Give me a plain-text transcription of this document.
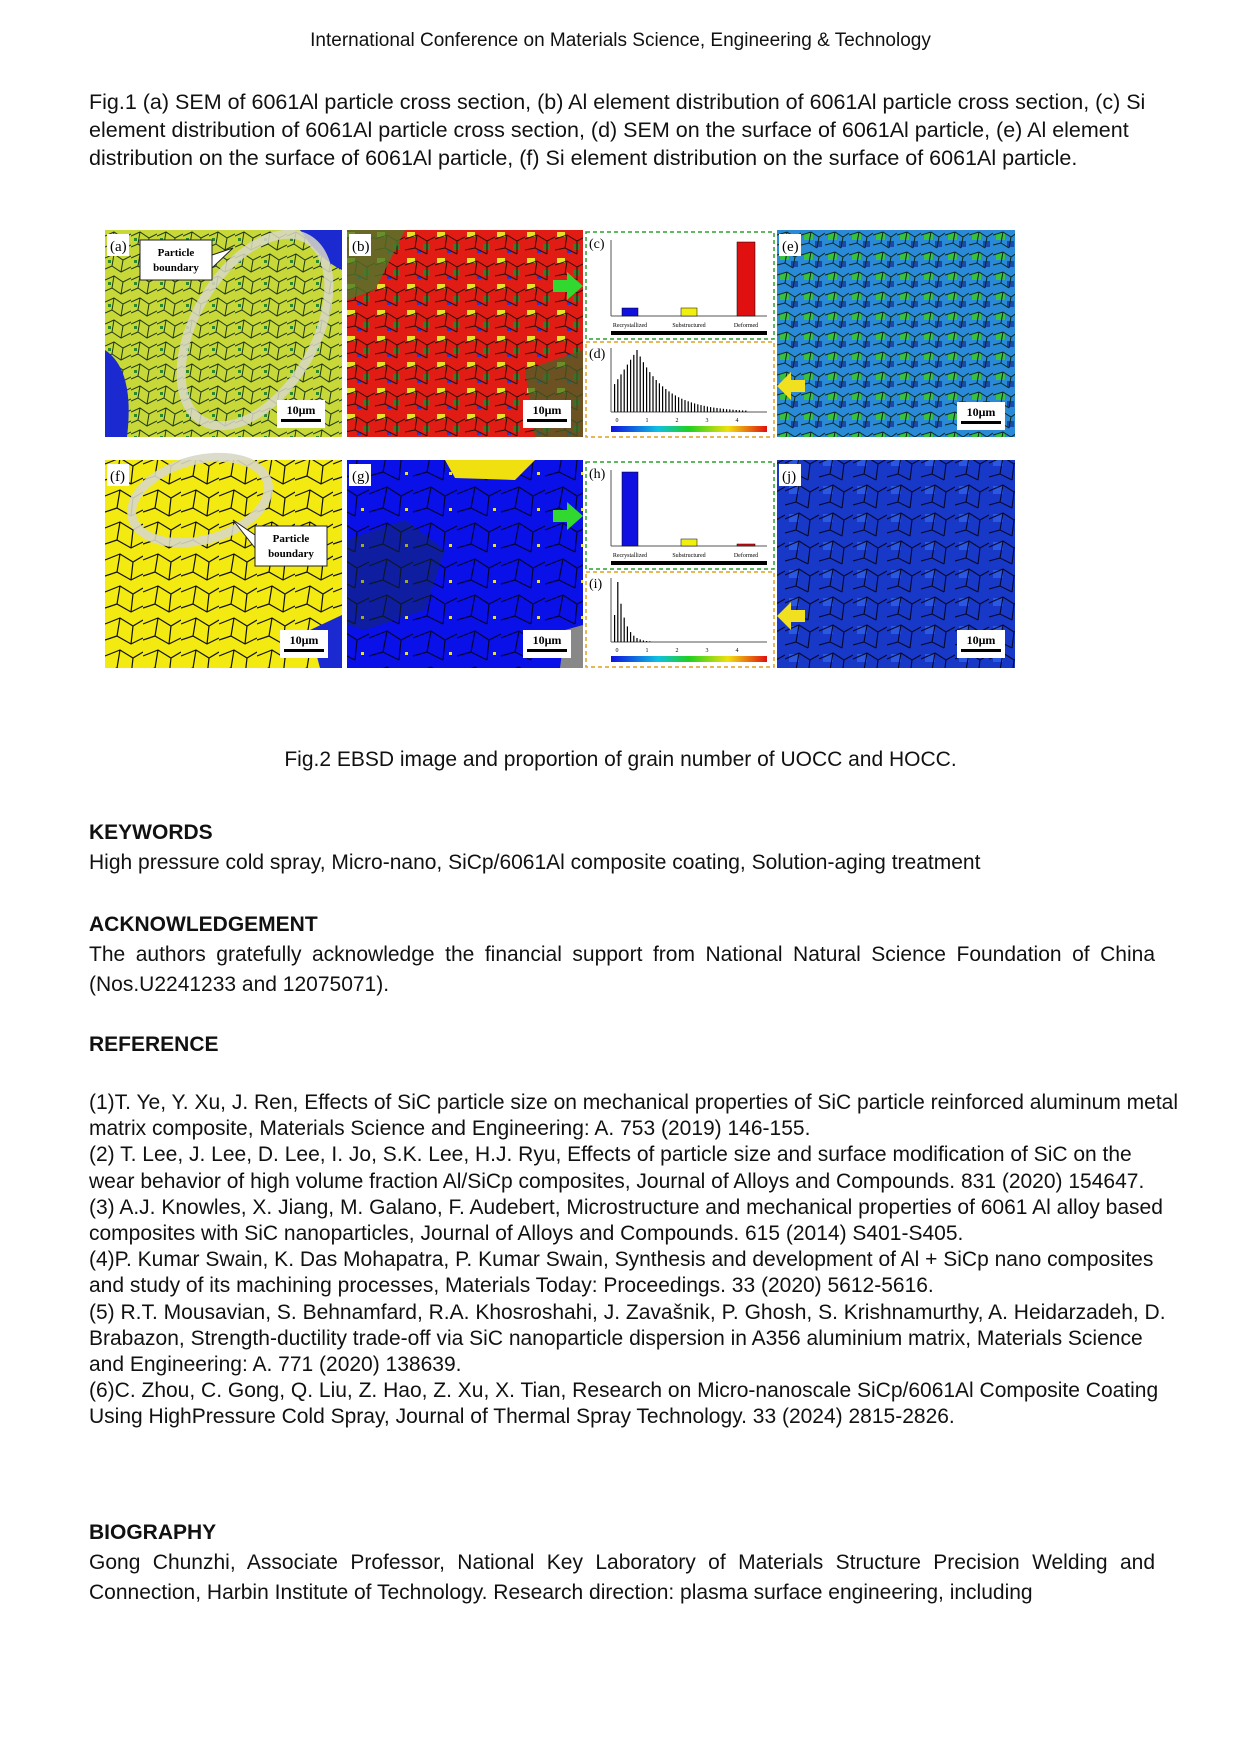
International Conference on Materials Science, Engineering & Technology
Fig.1 (a) SEM of 6061Al particle cross section, (b) Al element distribution of 6061Al particle cross section, (c) Si element distribution of 6061Al particle cross section, (d) SEM on the surface of 6061Al particle, (e) Al element distribution on the surface of 6061Al particle, (f) Si element distribution on the surface of 6061Al particle.
(a)	Particle
boundary
10μm
(b)
10μm
(c)
Recrystallized	Substructured	Deformed
(d)
0	1	2	3	4
(e)
10μm
(f)
Particle
boundary
10μm
(g)
10μm
(h)
Recrystallized	Substructured	Deformed
(i)
0	1	2	3	4
(j)
10μm
Fig.2 EBSD image and proportion of grain number of UOCC and HOCC.
KEYWORDS
High pressure cold spray, Micro-nano, SiCp/6061Al composite coating, Solution-aging treatment
ACKNOWLEDGEMENT
The authors gratefully acknowledge the financial support from National Natural Science Foundation of China (Nos.U2241233 and 12075071).
REFERENCE
(1)T. Ye, Y. Xu, J. Ren, Effects of SiC particle size on mechanical properties of SiC particle reinforced aluminum metal matrix composite, Materials Science and Engineering: A. 753 (2019) 146-155.
(2) T. Lee, J. Lee, D. Lee, I. Jo, S.K. Lee, H.J. Ryu, Effects of particle size and surface modification of SiC on the wear behavior of high volume fraction Al/SiCp composites, Journal of Alloys and Compounds. 831 (2020) 154647.
(3) A.J. Knowles, X. Jiang, M. Galano, F. Audebert, Microstructure and mechanical properties of 6061 Al alloy based composites with SiC nanoparticles, Journal of Alloys and Compounds. 615 (2014) S401-S405.
(4)P. Kumar Swain, K. Das Mohapatra, P. Kumar Swain, Synthesis and development of Al + SiCp nano composites and study of its machining processes, Materials Today: Proceedings. 33 (2020) 5612-5616.
(5) R.T. Mousavian, S. Behnamfard, R.A. Khosroshahi, J. Zavašnik, P. Ghosh, S. Krishnamurthy, A. Heidarzadeh, D. Brabazon, Strength-ductility trade-off via SiC nanoparticle dispersion in A356 aluminium matrix, Materials Science and Engineering: A. 771 (2020) 138639.
(6)C. Zhou, C. Gong, Q. Liu, Z. Hao, Z. Xu, X. Tian, Research on Micro-nanoscale SiCp/6061Al Composite Coating Using HighPressure Cold Spray, Journal of Thermal Spray Technology. 33 (2024) 2815-2826.
BIOGRAPHY
Gong Chunzhi, Associate Professor, National Key Laboratory of Materials Structure Precision Welding and Connection, Harbin Institute of Technology. Research direction: plasma surface engineering, including
